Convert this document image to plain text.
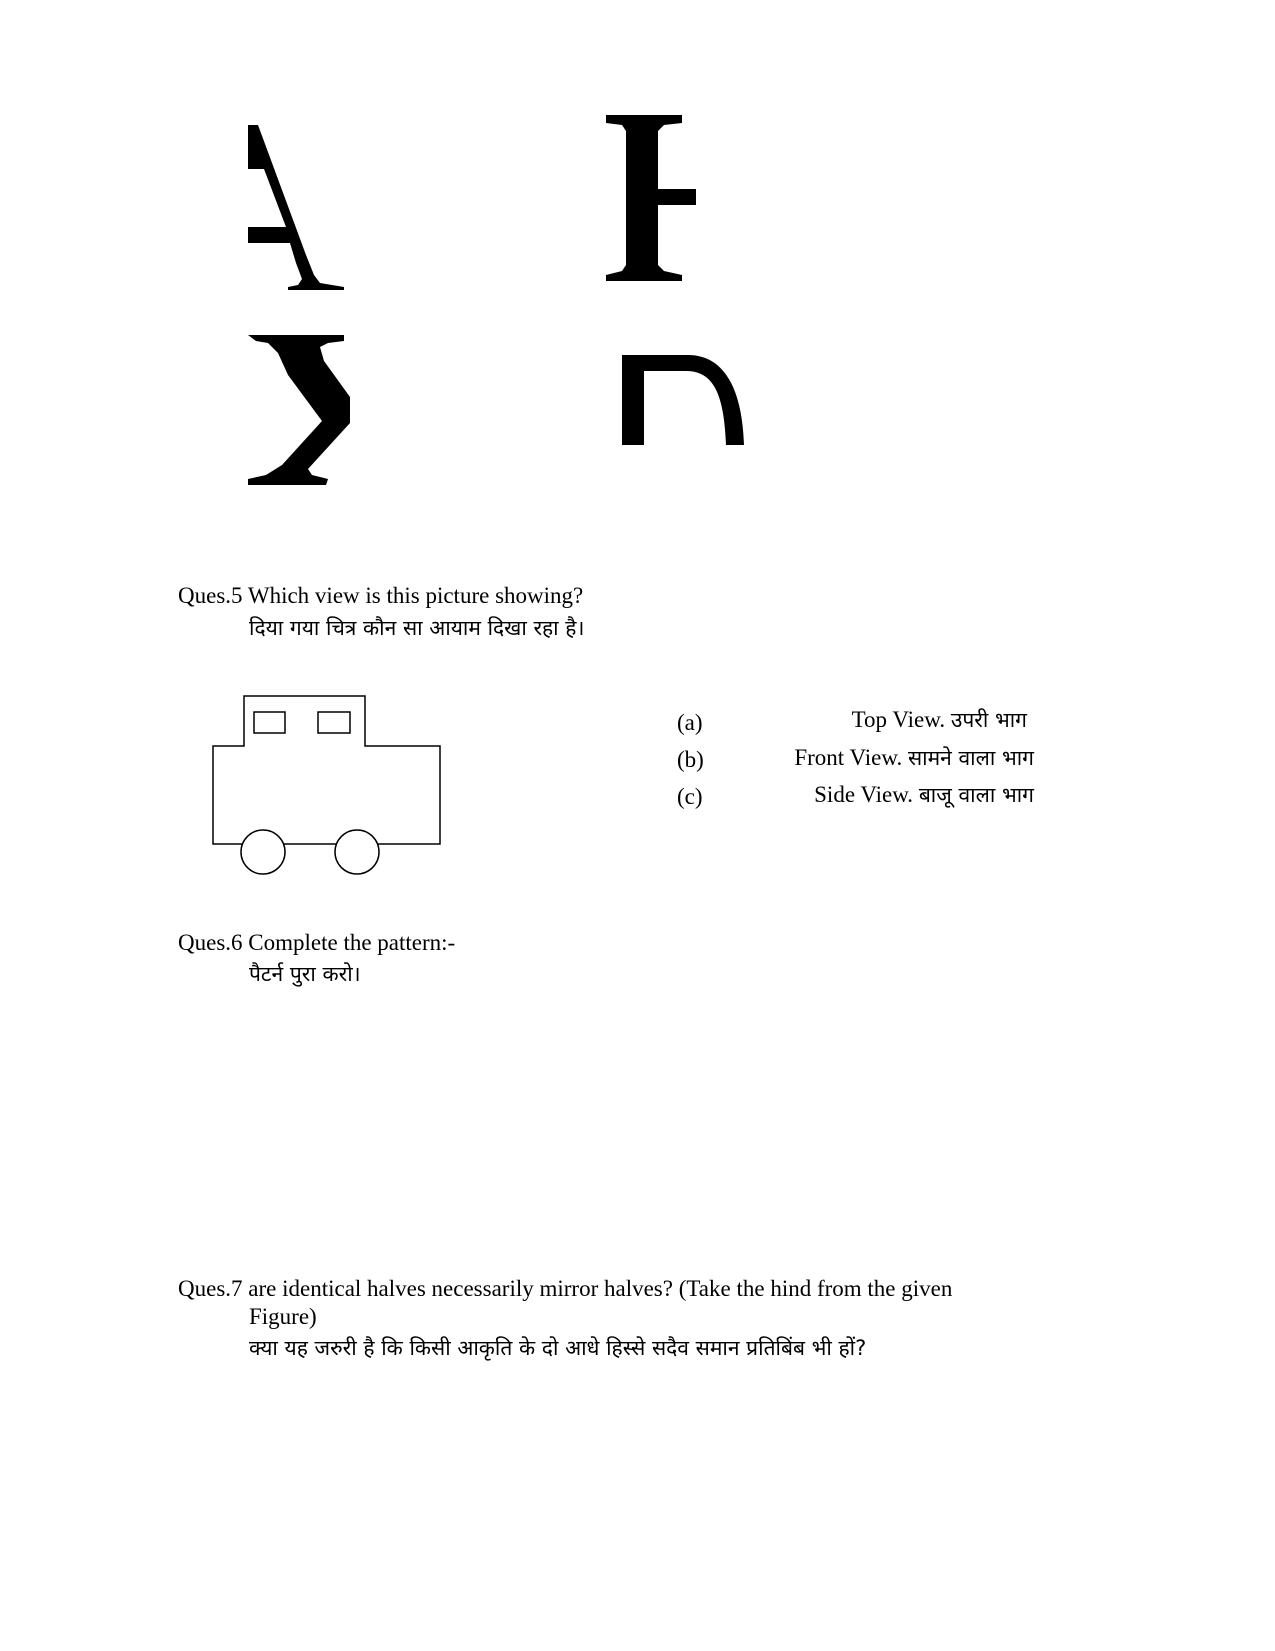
Ques.5 Which view is this picture showing?
दिया गया चित्र कौन सा आयाम दिखा रहा है।
(a)	Top View. उपरी भाग
(b)	Front View. सामने वाला भाग
(c)	Side View. बाजू वाला भाग
Ques.6 Complete the pattern:-
पैटर्न पुरा करो।
Ques.7 are identical halves necessarily mirror halves? (Take the hind from the given
Figure)
क्या यह जरुरी है कि किसी आकृति के दो आधे हिस्से सदैव समान प्रतिबिंब भी हों?
